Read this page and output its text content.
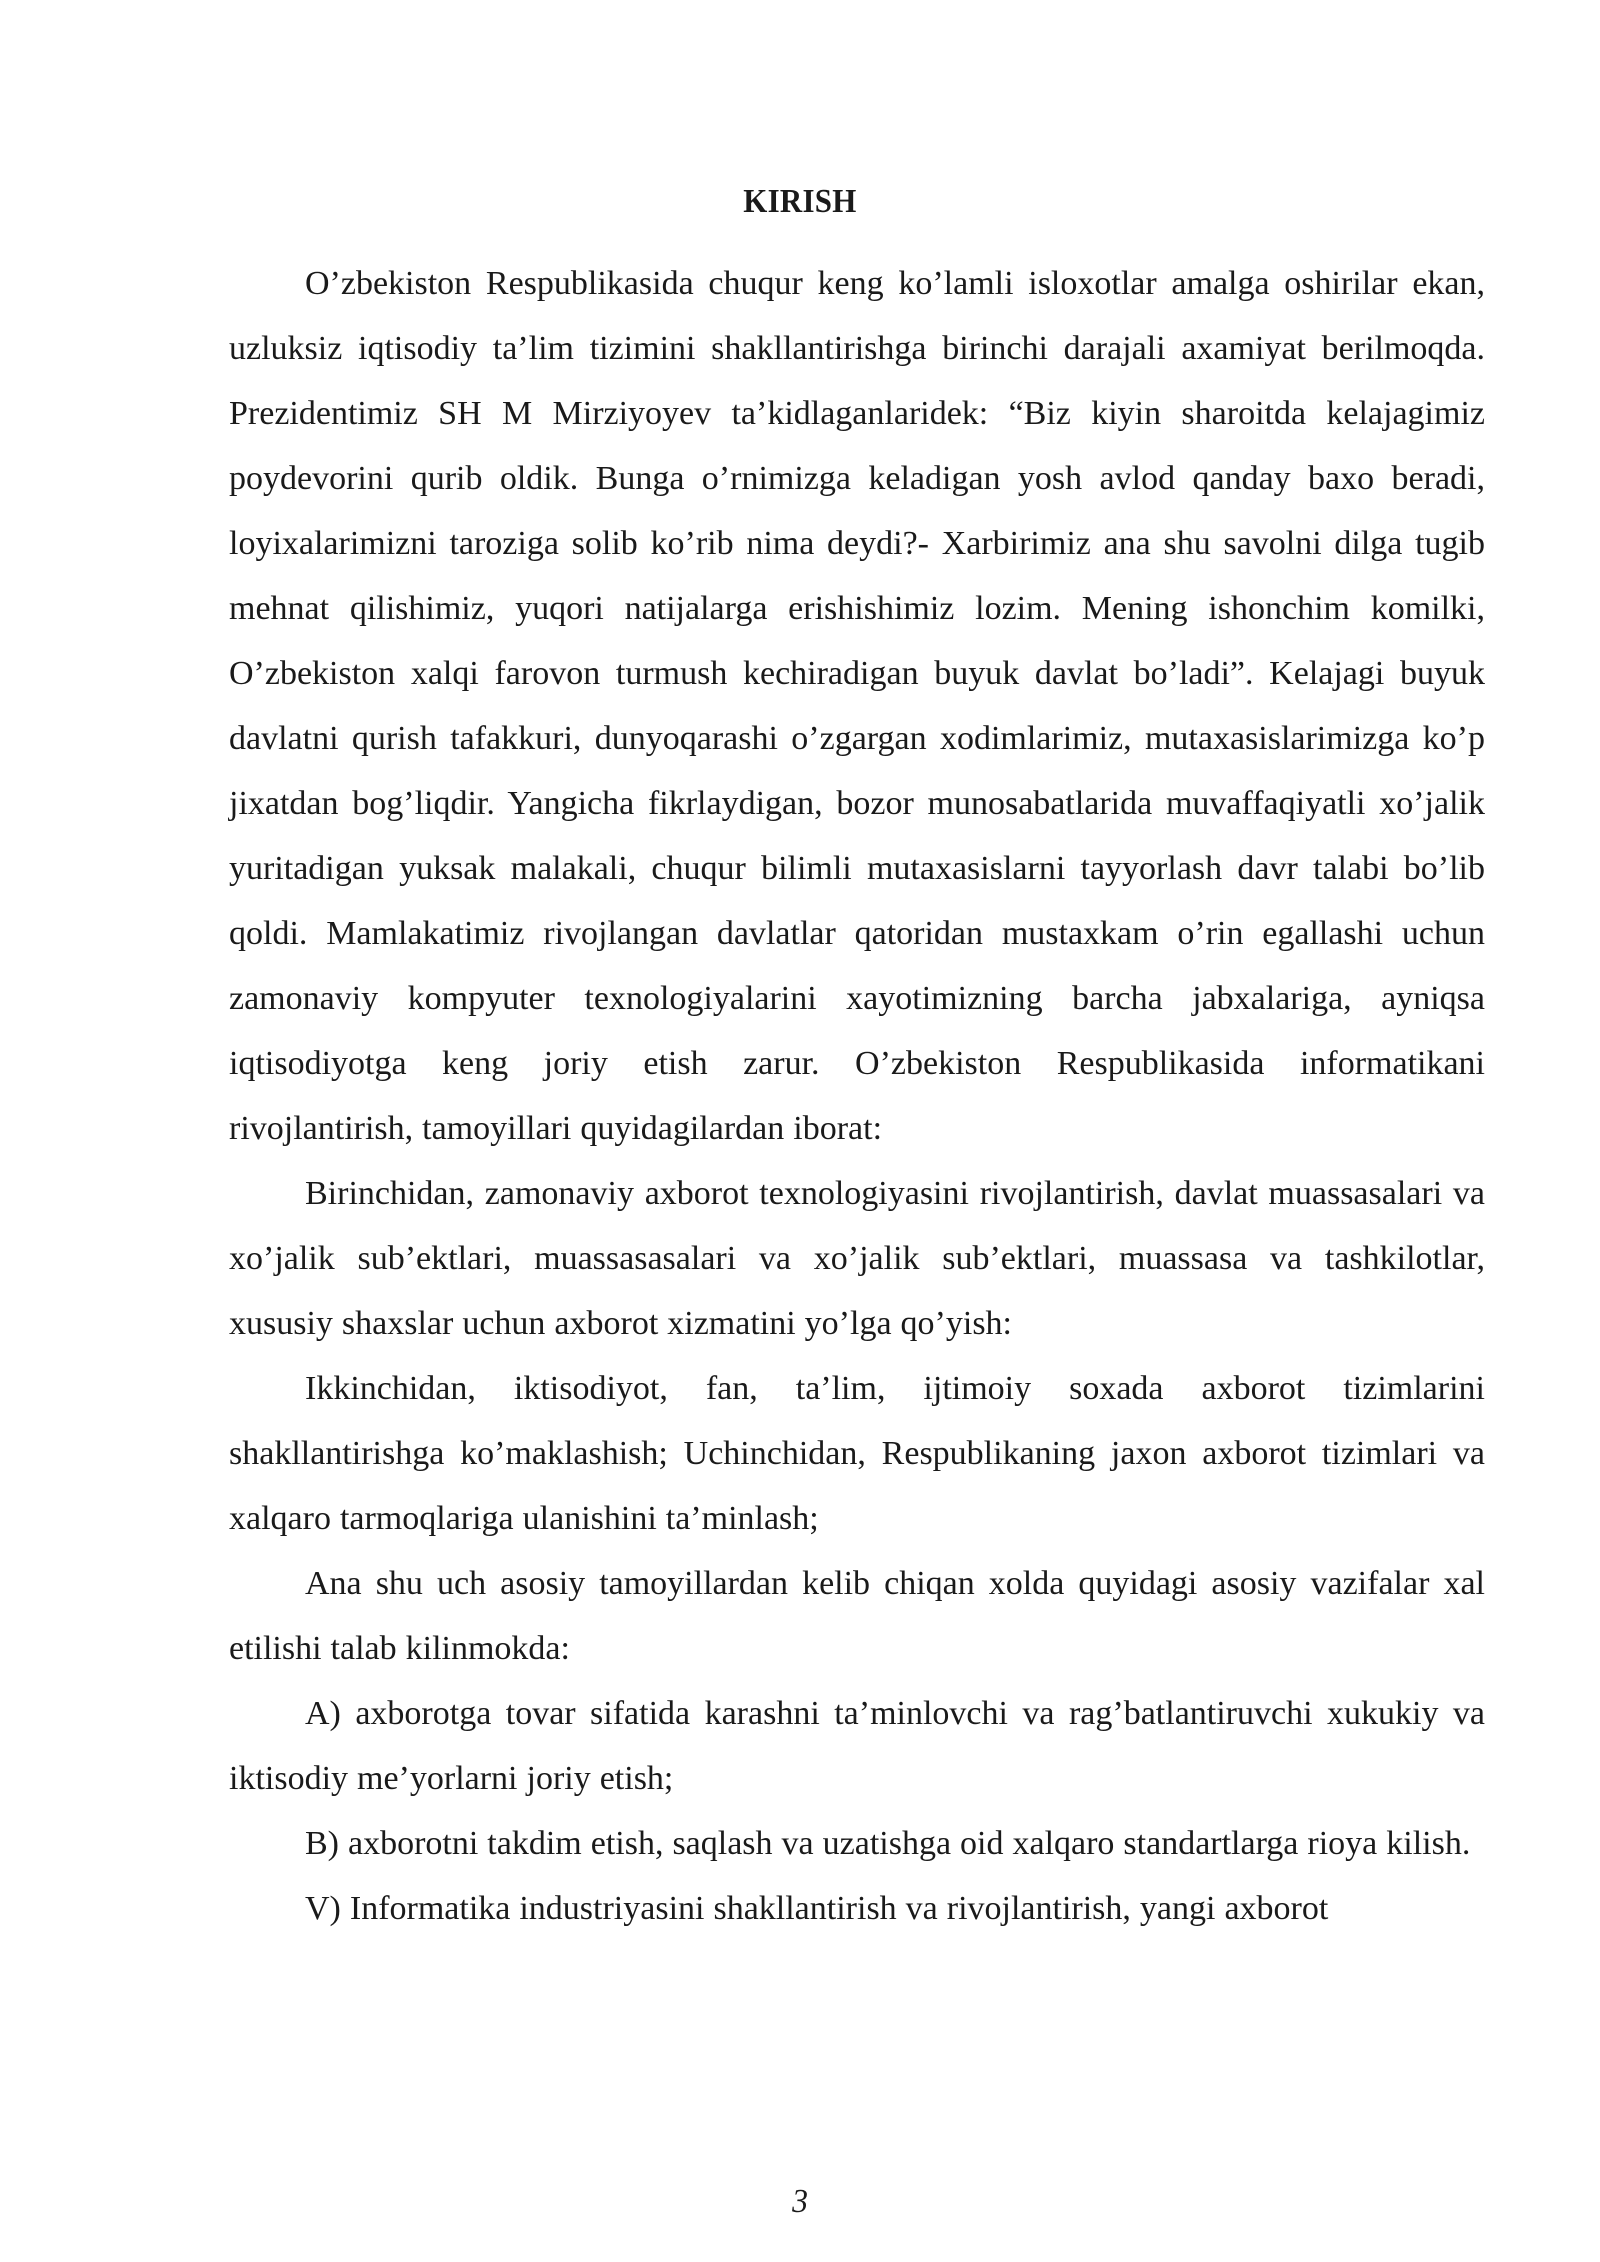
KIRISH

O’zbekiston Respublikasida chuqur keng ko’lamli isloxotlar amalga oshirilar ekan, uzluksiz iqtisodiy ta’lim tizimini shakllantirishga birinchi darajali axamiyat berilmoqda. Prezidentimiz SH M Mirziyoyev ta’kidlaganlaridek: “Biz kiyin sharoitda kelajagimiz poydevorini qurib oldik. Bunga o’rnimizga keladigan yosh avlod qanday baxo beradi, loyixalarimizni taroziga solib ko’rib nima deydi?- Xarbirimiz ana shu savolni dilga tugib mehnat qilishimiz, yuqori natijalarga erishishimiz lozim. Mening ishonchim komilki, O’zbekiston xalqi farovon turmush kechiradigan buyuk davlat bo’ladi”. Kelajagi buyuk davlatni qurish tafakkuri, dunyoqarashi o’zgargan xodimlarimiz, mutaxasislarimizga ko’p jixatdan bog’liqdir. Yangicha fikrlaydigan, bozor munosabatlarida muvaffaqiyatli xo’jalik yuritadigan yuksak malakali, chuqur bilimli mutaxasislarni tayyorlash davr talabi bo’lib qoldi. Mamlakatimiz rivojlangan davlatlar qatoridan mustaxkam o’rin egallashi uchun zamonaviy kompyuter texnologiyalarini xayotimizning barcha jabxalariga, ayniqsa iqtisodiyotga keng joriy etish zarur. O’zbekiston Respublikasida informatikani rivojlantirish, tamoyillari quyidagilardan iborat:

Birinchidan, zamonaviy axborot texnologiyasini rivojlantirish, davlat muassasalari va xo’jalik sub’ektlari, muassasasalari va xo’jalik sub’ektlari, muassasa va tashkilotlar, xususiy shaxslar uchun axborot xizmatini yo’lga qo’yish:

Ikkinchidan, iktisodiyot, fan, ta’lim, ijtimoiy soxada axborot tizimlarini shakllantirishga ko’maklashish; Uchinchidan, Respublikaning jaxon axborot tizimlari va xalqaro tarmoqlariga ulanishini ta’minlash;

Ana shu uch asosiy tamoyillardan kelib chiqan xolda quyidagi asosiy vazifalar xal etilishi talab kilinmokda:

A) axborotga tovar sifatida karashni ta’minlovchi va rag’batlantiruvchi xukukiy va iktisodiy me’yorlarni joriy etish;

B) axborotni takdim etish, saqlash va uzatishga oid xalqaro standartlarga rioya kilish.

V) Informatika industriyasini shakllantirish va rivojlantirish, yangi axborot

3
